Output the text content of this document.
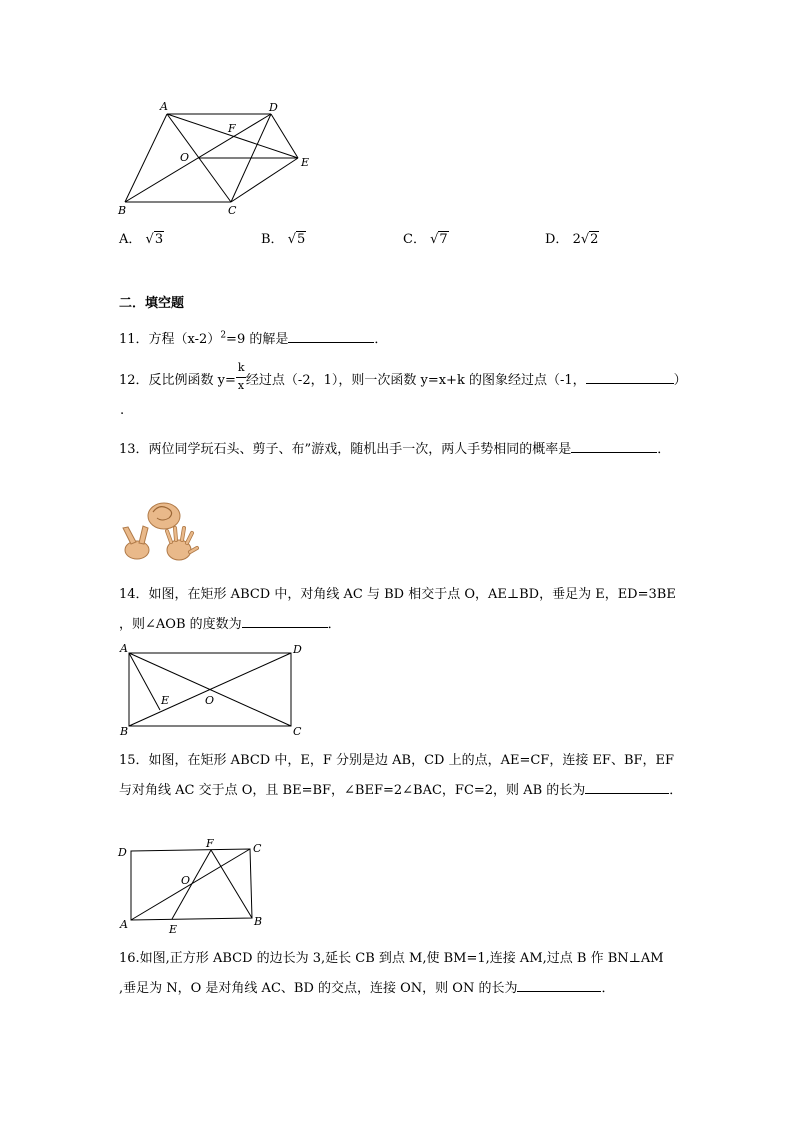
A	D
F
O	E
B	C
A． √3	B． √5	C． √7	D． 2√2
二．填空题
11．方程$(x-2)^2=9$ 的解是	．
12．反比例函数 $y= \frac{k}{x}$ 经过点（-2，1），则一次函数 y=x+k 的图象经过点（-1，	）
.
13．两位同学玩石头、剪子、布”游戏，随机出手一次，两人手势相同的概率是	．
14．如图，在矩形 ABCD 中，对角线 AC 与 BD 相交于点 O，AE⊥BD，垂足为 E，ED=3BE
，则∠AOB 的度数为	．
A	D
E	O
B	C
15．如图，在矩形 ABCD 中，E，F 分别是边 AB，CD 上的点，AE=CF，连接 EF、BF，EF
与对角线 AC 交于点 O，且 BE=BF，∠BEF=2∠BAC，FC=2，则 AB 的长为	．
D
F	C
O
A	E
B
16.如图,正方形 ABCD 的边长为 3,延长 CB 到点 M,使 BM=1,连接 AM,过点 B 作 BN⊥AM
,垂足为 N，O 是对角线 AC、BD 的交点，连接 ON，则 ON 的长为	．
